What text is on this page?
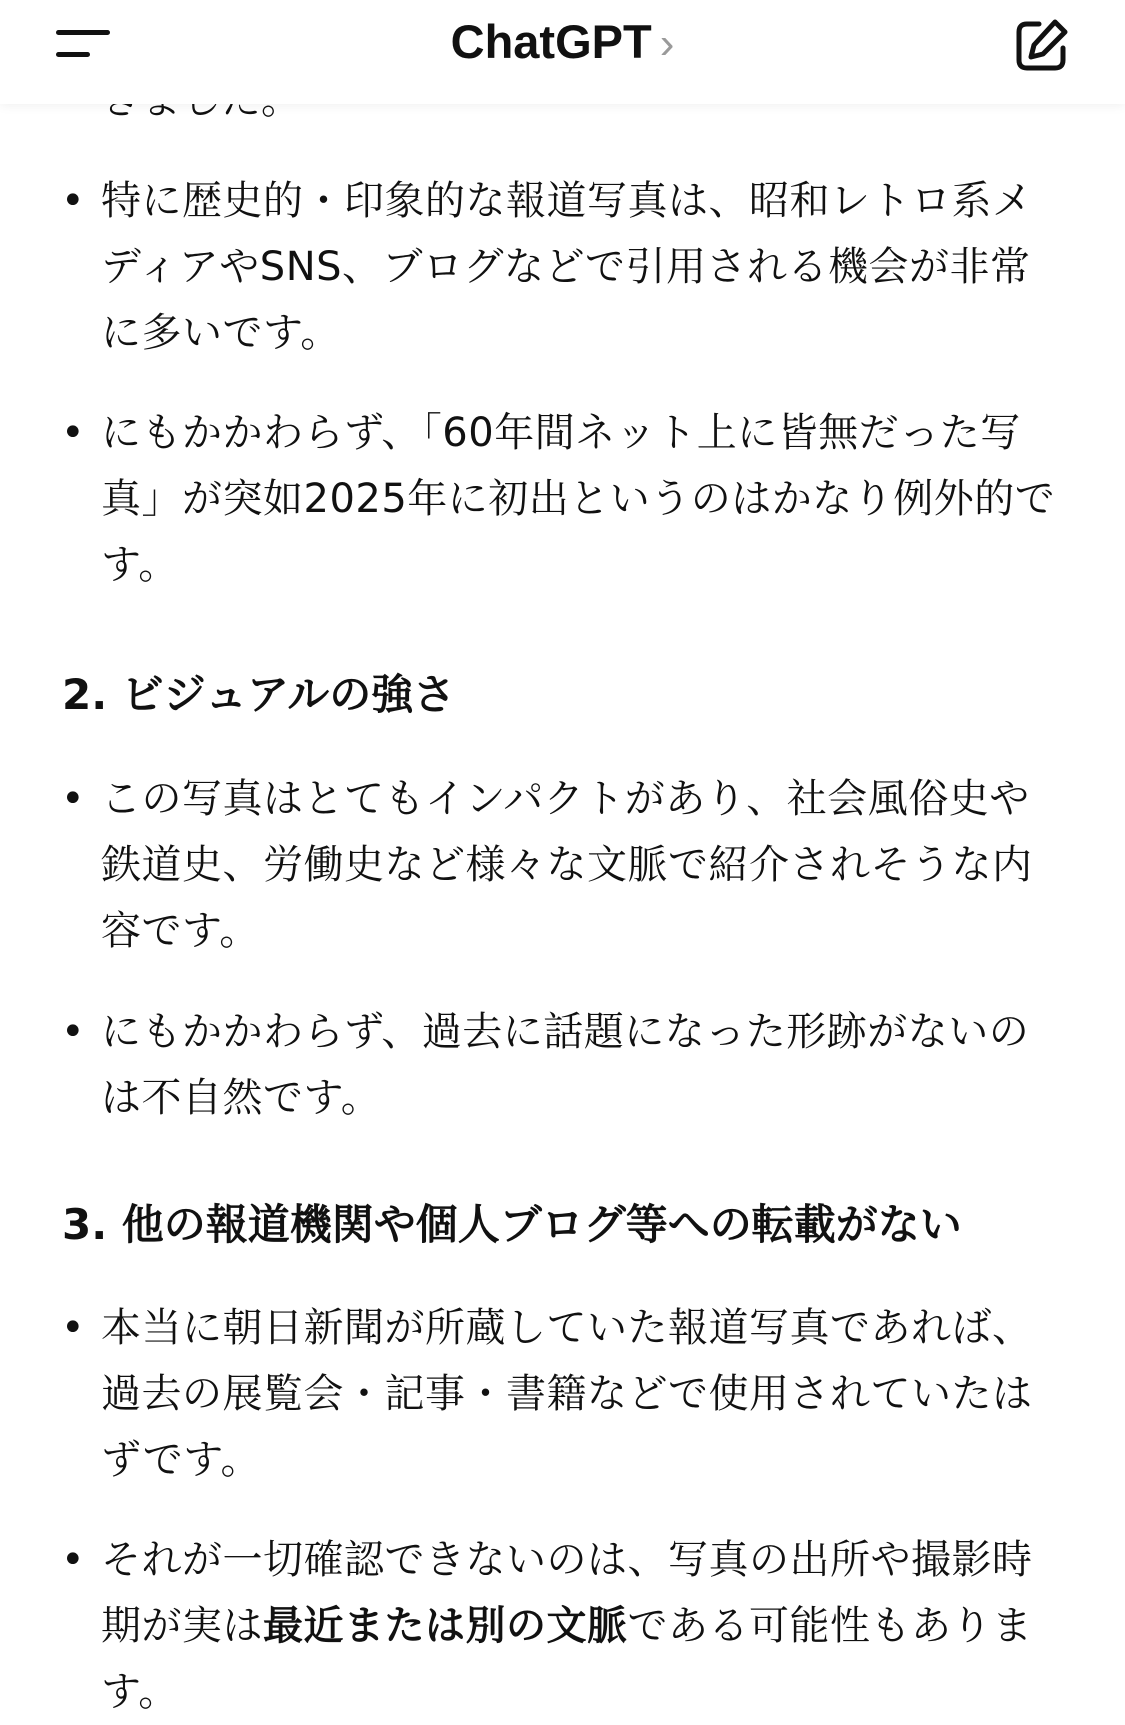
ChatGPT ›
• 特に歴史的・印象的な報道写真は、昭和レトロ系メディアやSNS、ブログなどで引用される機会が非常に多いです。
• にもかかわらず、「60年間ネット上に皆無だった写真」が突如2025年に初出というのはかなり例外的です。
2. ビジュアルの強さ
• この写真はとてもインパクトがあり、社会風俗史や鉄道史、労働史など様々な文脈で紹介されそうな内容です。
• にもかかわらず、過去に話題になった形跡がないのは不自然です。
3. 他の報道機関や個人ブログ等への転載がない
• 本当に朝日新聞が所蔵していた報道写真であれば、過去の展覧会・記事・書籍などで使用されていたはずです。
• それが一切確認できないのは、写真の出所や撮影時期が実は最近または別の文脈である可能性もあります。
